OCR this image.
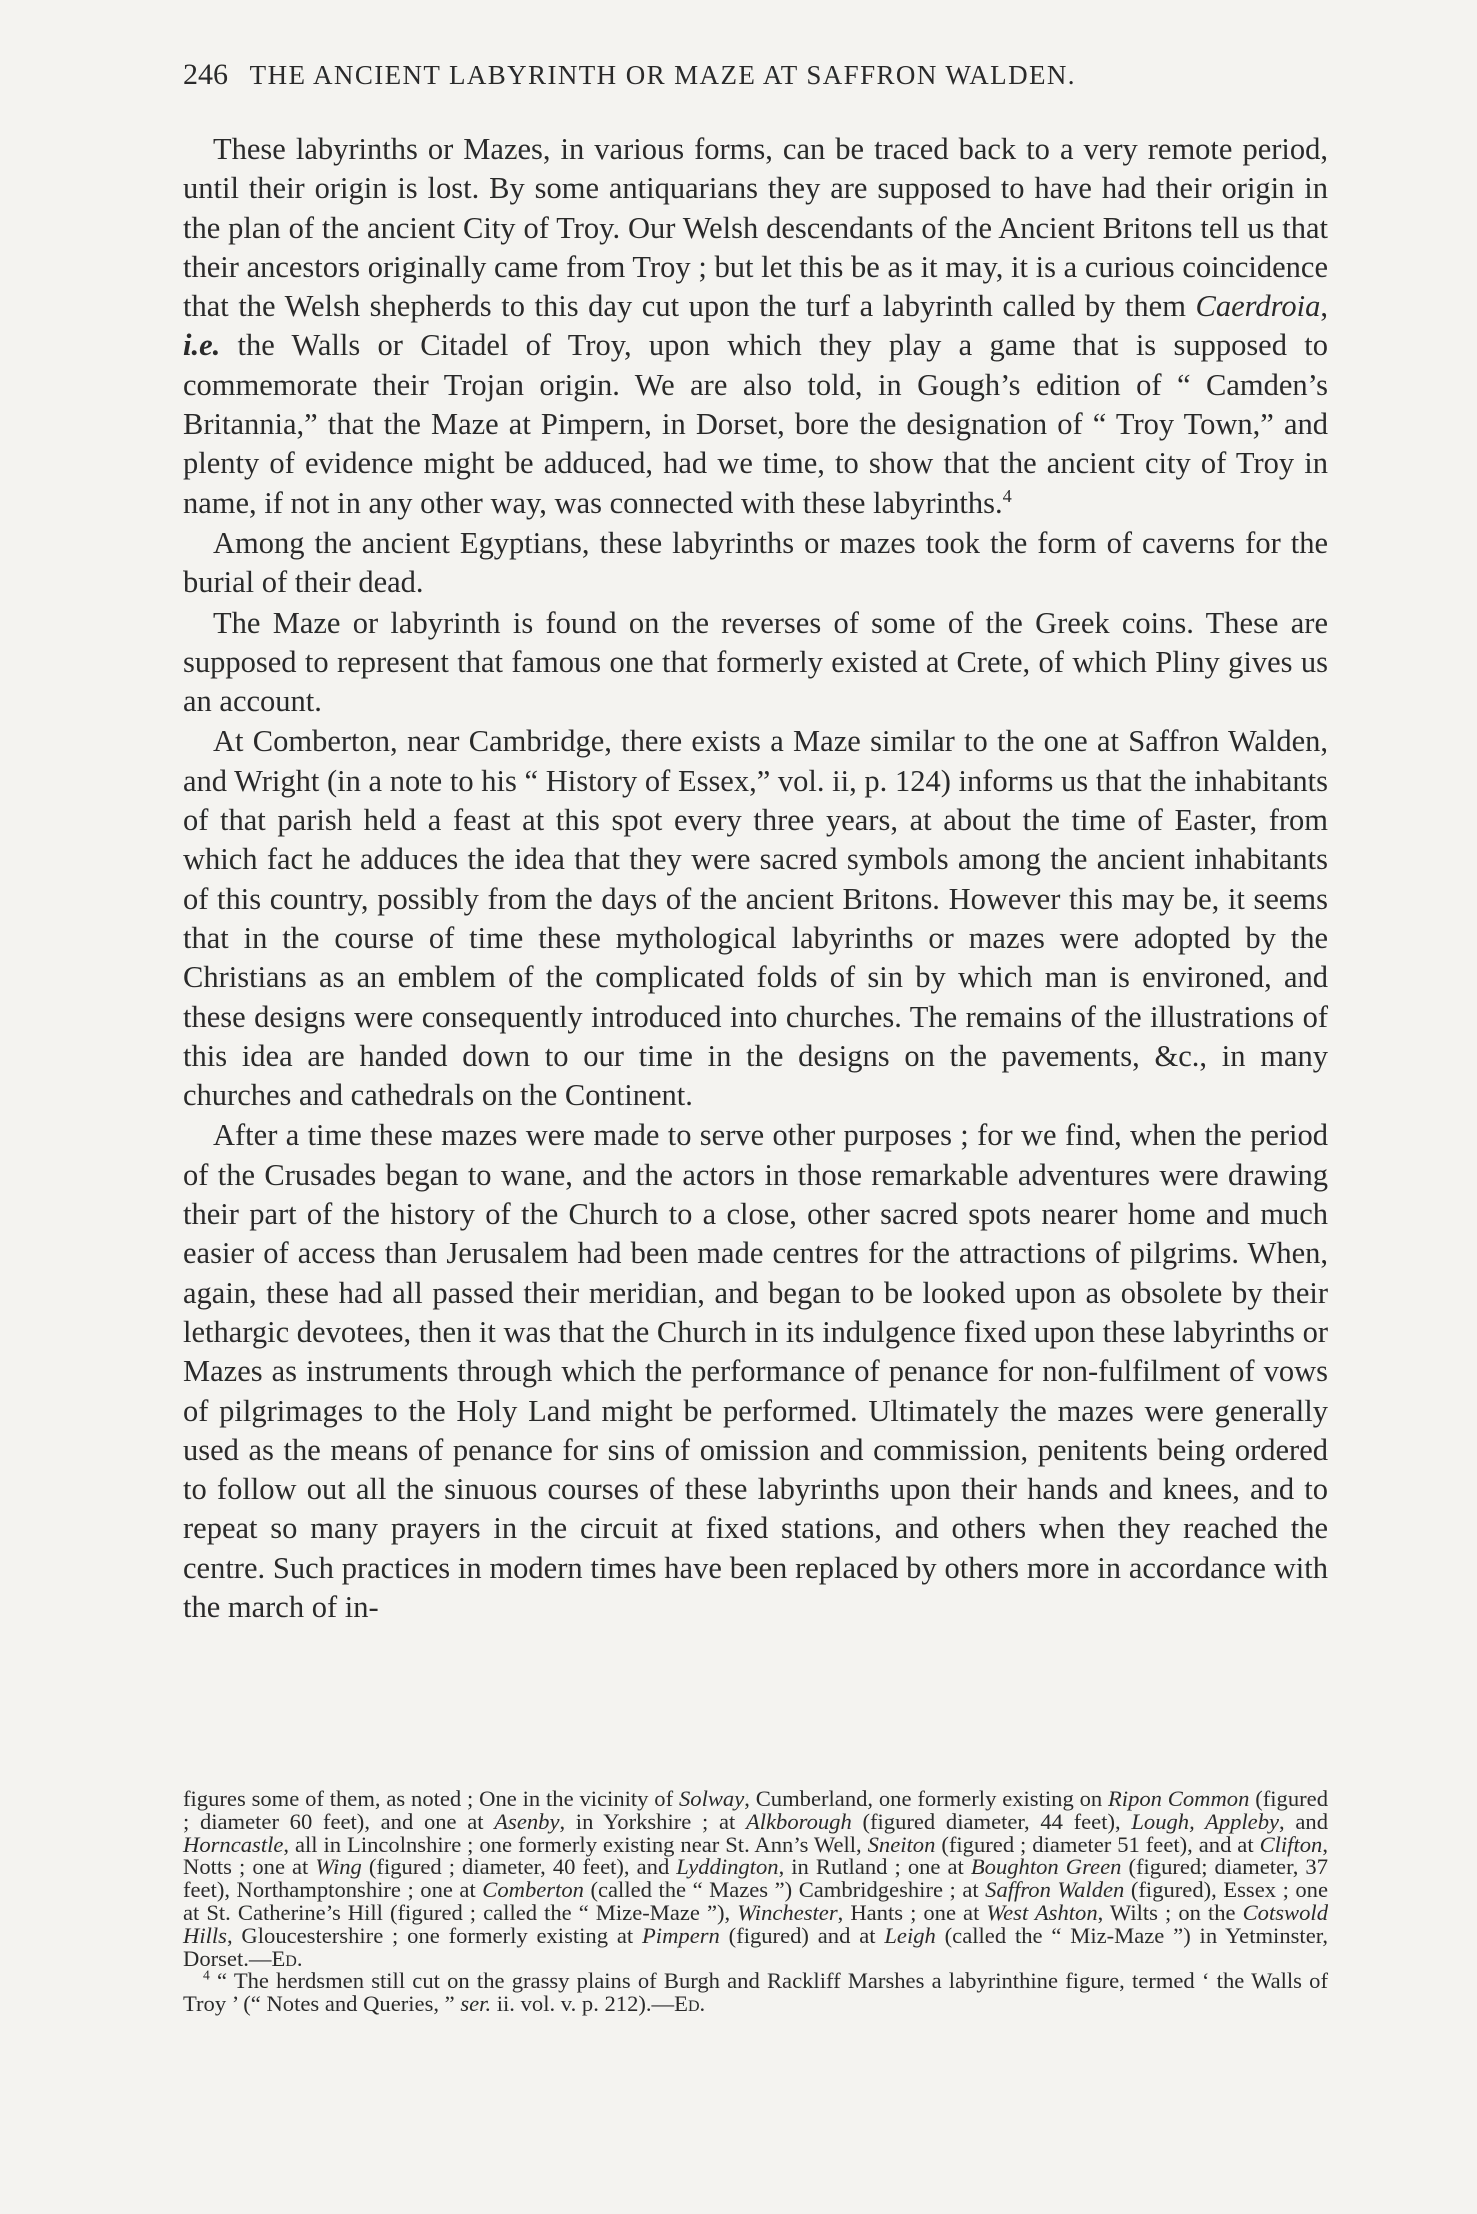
246 THE ANCIENT LABYRINTH OR MAZE AT SAFFRON WALDEN.

These labyrinths or Mazes, in various forms, can be traced back to a very remote period, until their origin is lost. By some antiquarians they are supposed to have had their origin in the plan of the ancient City of Troy. Our Welsh descendants of the Ancient Britons tell us that their ancestors originally came from Troy ; but let this be as it may, it is a curious coincidence that the Welsh shepherds to this day cut upon the turf a labyrinth called by them Caerdroia, i.e. the Walls or Citadel of Troy, upon which they play a game that is supposed to commemorate their Trojan origin. We are also told, in Gough’s edition of “ Camden’s Britannia,” that the Maze at Pimpern, in Dorset, bore the designation of “ Troy Town,” and plenty of evidence might be adduced, had we time, to show that the ancient city of Troy in name, if not in any other way, was connected with these labyrinths.$^4$

Among the ancient Egyptians, these labyrinths or mazes took the form of caverns for the burial of their dead.

The Maze or labyrinth is found on the reverses of some of the Greek coins. These are supposed to represent that famous one that formerly existed at Crete, of which Pliny gives us an account.

At Comberton, near Cambridge, there exists a Maze similar to the one at Saffron Walden, and Wright (in a note to his “ History of Essex,” vol. ii, p. 124) informs us that the inhabitants of that parish held a feast at this spot every three years, at about the time of Easter, from which fact he adduces the idea that they were sacred symbols among the ancient inhabitants of this country, possibly from the days of the ancient Britons. However this may be, it seems that in the course of time these mythological labyrinths or mazes were adopted by the Christians as an emblem of the complicated folds of sin by which man is environed, and these designs were consequently introduced into churches. The remains of the illustrations of this idea are handed down to our time in the designs on the pavements, &c., in many churches and cathedrals on the Continent.

After a time these mazes were made to serve other purposes ; for we find, when the period of the Crusades began to wane, and the actors in those remarkable adventures were drawing their part of the history of the Church to a close, other sacred spots nearer home and much easier of access than Jerusalem had been made centres for the attractions of pilgrims. When, again, these had all passed their meridian, and began to be looked upon as obsolete by their lethargic devotees, then it was that the Church in its indulgence fixed upon these labyrinths or Mazes as instruments through which the performance of penance for non-fulfilment of vows of pilgrimages to the Holy Land might be performed. Ultimately the mazes were generally used as the means of penance for sins of omission and commission, penitents being ordered to follow out all the sinuous courses of these labyrinths upon their hands and knees, and to repeat so many prayers in the circuit at fixed stations, and others when they reached the centre. Such practices in modern times have been replaced by others more in accordance with the march of in-

figures some of them, as noted ; One in the vicinity of Solway, Cumberland, one formerly existing on Ripon Common (figured ; diameter 60 feet), and one at Asenby, in Yorkshire ; at Alkborough (figured diameter, 44 feet), Lough, Appleby, and Horncastle, all in Lincolnshire ; one formerly existing near St. Ann’s Well, Sneiton (figured ; diameter 51 feet), and at Clifton, Notts ; one at Wing (figured ; diameter, 40 feet), and Lyddington, in Rutland ; one at Boughton Green (figured; diameter, 37 feet), Northamptonshire ; one at Comberton (called the “ Mazes ”) Cambridgeshire ; at Saffron Walden (figured), Essex ; one at St. Catherine’s Hill (figured ; called the “ Mize-Maze ”), Winchester, Hants ; one at West Ashton, Wilts ; on the Cotswold Hills, Gloucestershire ; one formerly existing at Pimpern (figured) and at Leigh (called the “ Miz-Maze ”) in Yetminster, Dorset.—Ed.

$^4$ “ The herdsmen still cut on the grassy plains of Burgh and Rackliff Marshes a labyrinthine figure, termed ‘ the Walls of Troy ’ (“ Notes and Queries, ” ser. ii. vol. v. p. 212).—Ed.
